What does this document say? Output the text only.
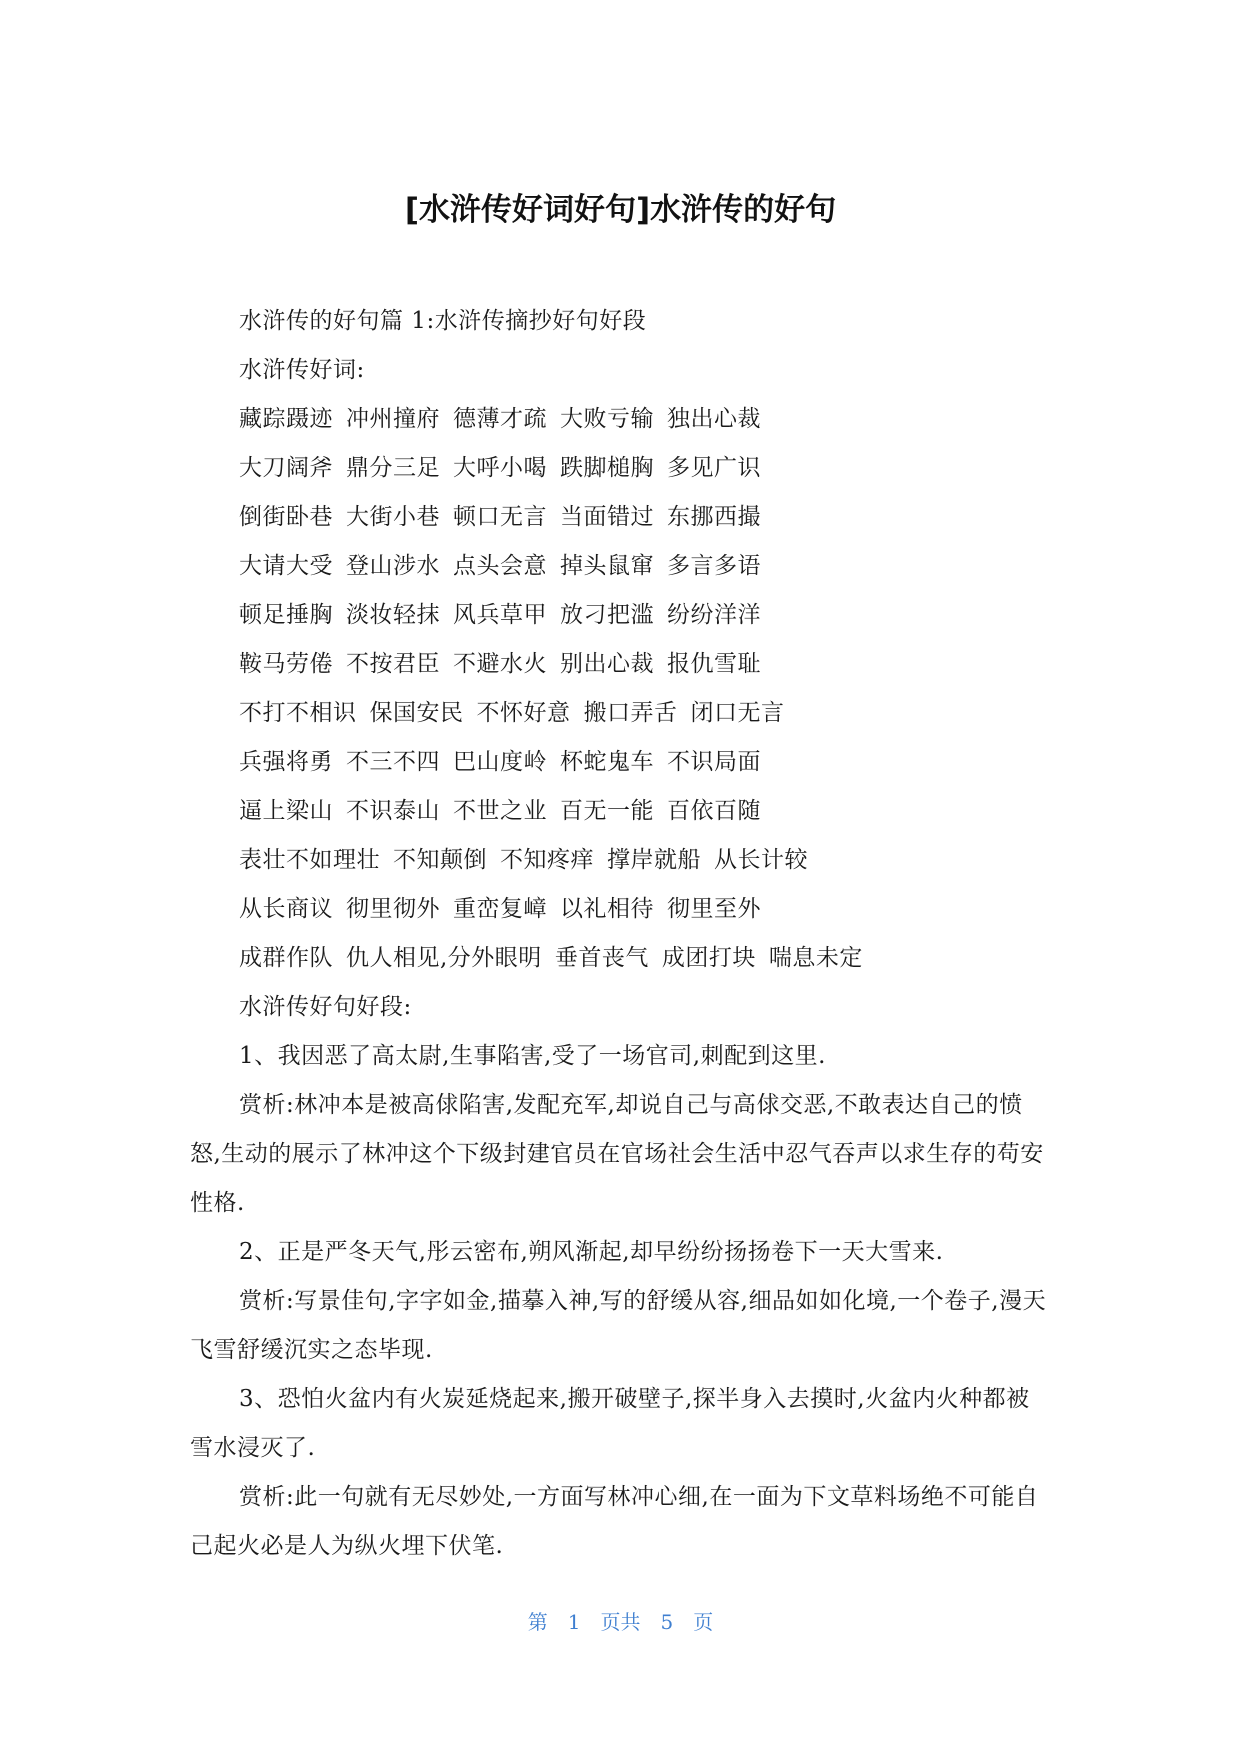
[水浒传好词好句]水浒传的好句

水浒传的好句篇 1:水浒传摘抄好句好段

水浒传好词:

藏踪蹑迹 冲州撞府 德薄才疏 大败亏输 独出心裁

大刀阔斧 鼎分三足 大呼小喝 跌脚槌胸 多见广识

倒街卧巷 大街小巷 顿口无言 当面错过 东挪西撮

大请大受 登山涉水 点头会意 掉头鼠窜 多言多语

顿足捶胸 淡妆轻抹 风兵草甲 放刁把滥 纷纷洋洋

鞍马劳倦 不按君臣 不避水火 别出心裁 报仇雪耻

不打不相识 保国安民 不怀好意 搬口弄舌 闭口无言

兵强将勇 不三不四 巴山度岭 杯蛇鬼车 不识局面

逼上梁山 不识泰山 不世之业 百无一能 百依百随

表壮不如理壮 不知颠倒 不知疼痒 撑岸就船 从长计较

从长商议 彻里彻外 重峦复嶂 以礼相待 彻里至外

成群作队 仇人相见,分外眼明 垂首丧气 成团打块 喘息未定

水浒传好句好段:

1、我因恶了高太尉,生事陷害,受了一场官司,刺配到这里.

赏析:林冲本是被高俅陷害,发配充军,却说自己与高俅交恶,不敢表达自己的愤怒,生动的展示了林冲这个下级封建官员在官场社会生活中忍气吞声以求生存的苟安性格.

2、正是严冬天气,彤云密布,朔风渐起,却早纷纷扬扬卷下一天大雪来.

赏析:写景佳句,字字如金,描摹入神,写的舒缓从容,细品如如化境,一个卷子,漫天飞雪舒缓沉实之态毕现.

3、恐怕火盆内有火炭延烧起来,搬开破壁子,探半身入去摸时,火盆内火种都被雪水浸灭了.

赏析:此一句就有无尽妙处,一方面写林冲心细,在一面为下文草料场绝不可能自己起火必是人为纵火埋下伏笔.

第 1 页共 5 页
